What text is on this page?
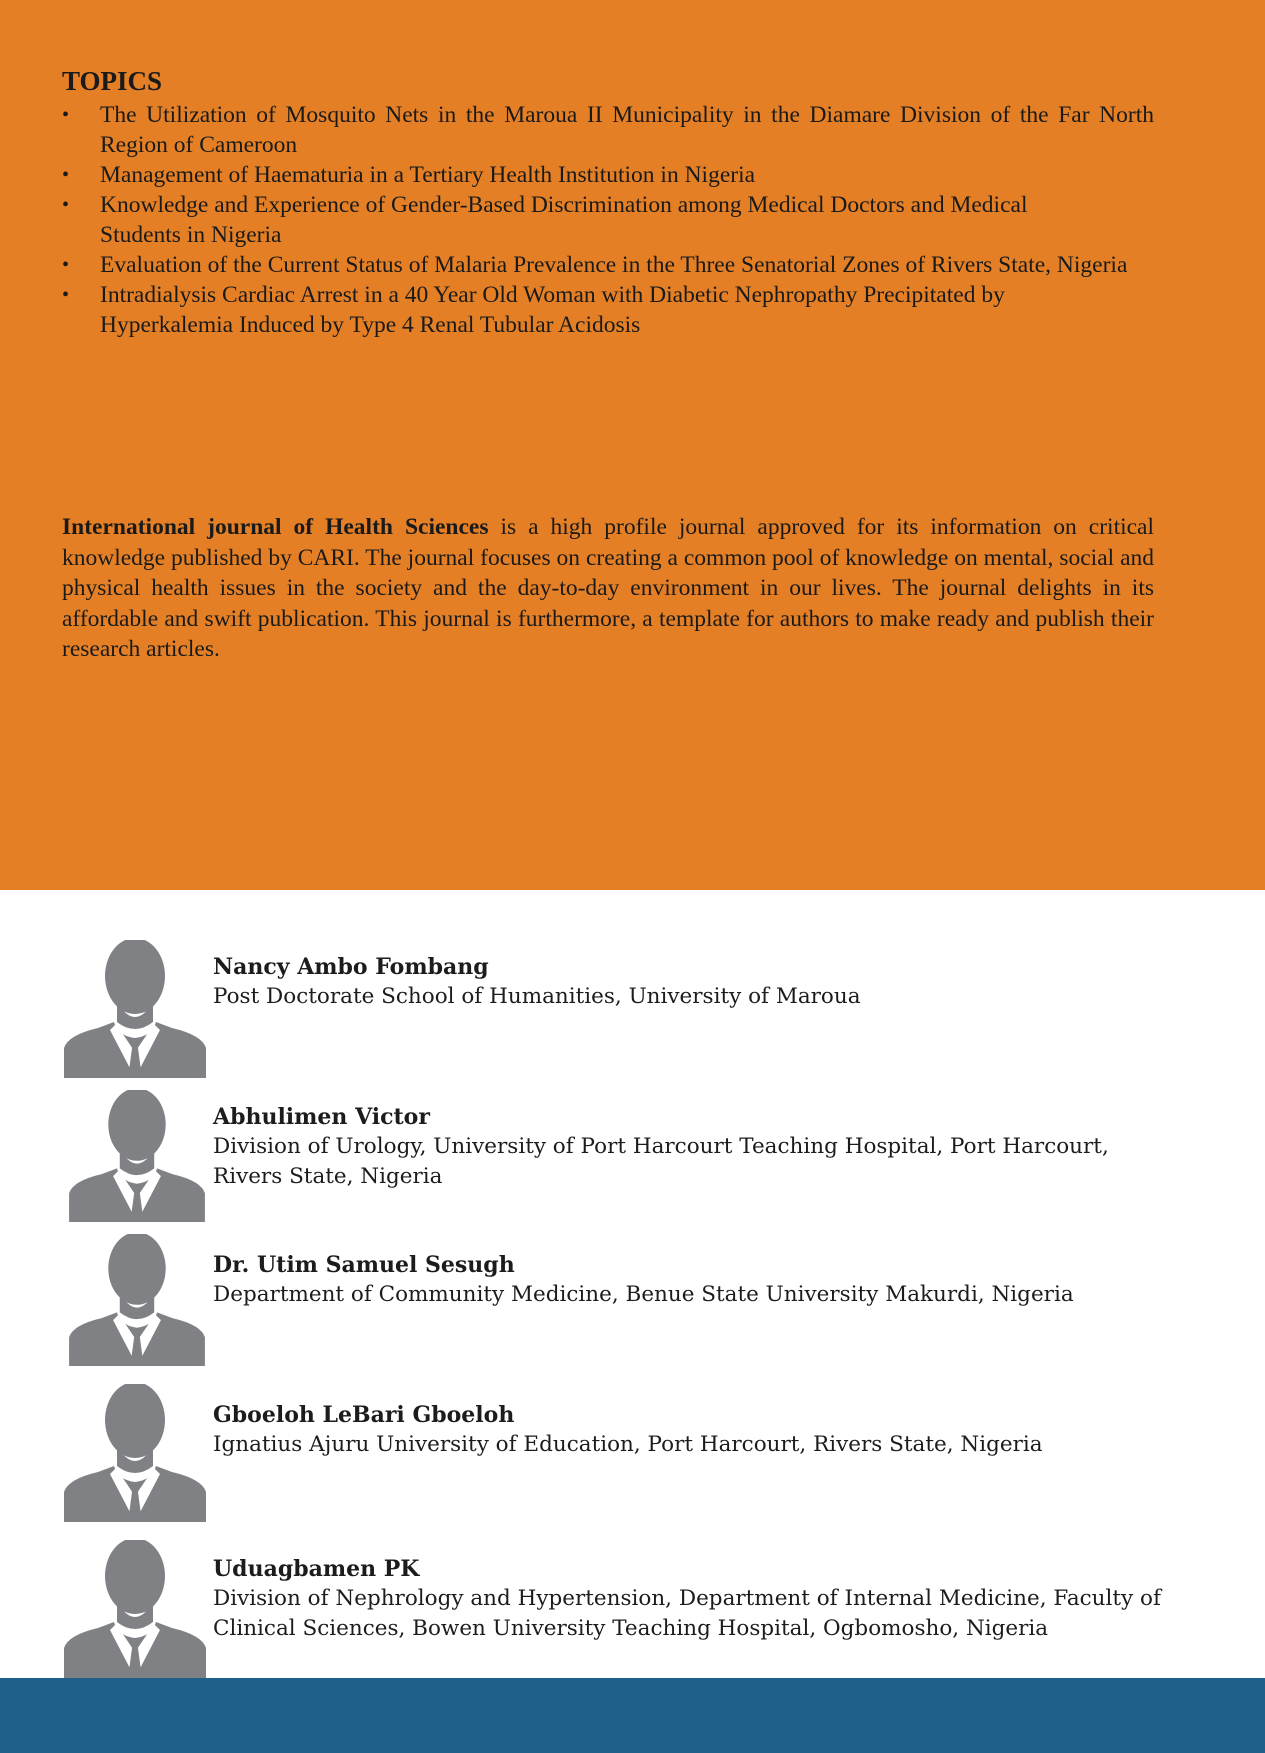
TOPICS
• The Utilization of Mosquito Nets in the Maroua II Municipality in the Diamare Division of the Far North Region of Cameroon
• Management of Haematuria in a Tertiary Health Institution in Nigeria
• Knowledge and Experience of Gender-Based Discrimination among Medical Doctors and Medical
Students in Nigeria
• Evaluation of the Current Status of Malaria Prevalence in the Three Senatorial Zones of Rivers State, Nigeria
• Intradialysis Cardiac Arrest in a 40 Year Old Woman with Diabetic Nephropathy Precipitated by
Hyperkalemia Induced by Type 4 Renal Tubular Acidosis

International journal of Health Sciences is a high profile journal approved for its information on critical knowledge published by CARI. The journal focuses on creating a common pool of knowledge on mental, social and physical health issues in the society and the day-to-day environment in our lives. The journal delights in its affordable and swift publication. This journal is furthermore, a template for authors to make ready and publish their research articles.

Nancy Ambo Fombang

Post Doctorate School of Humanities, University of Maroua

Abhulimen Victor

Division of Urology, University of Port Harcourt Teaching Hospital, Port Harcourt, Rivers State, Nigeria

Dr. Utim Samuel Sesugh

Department of Community Medicine, Benue State University Makurdi, Nigeria

Gboeloh LeBari Gboeloh

Ignatius Ajuru University of Education, Port Harcourt, Rivers State, Nigeria

Uduagbamen PK

Division of Nephrology and Hypertension, Department of Internal Medicine, Faculty of Clinical Sciences, Bowen University Teaching Hospital, Ogbomosho, Nigeria
